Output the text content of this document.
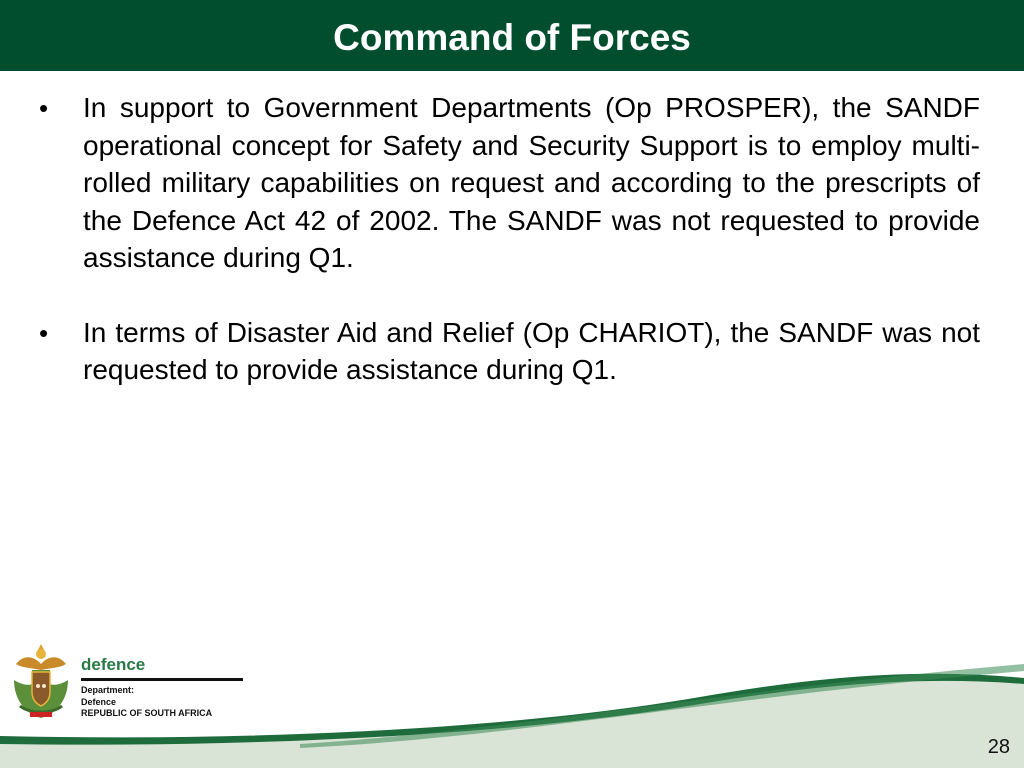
Command of Forces
•	In support to Government Departments (Op PROSPER), the SANDF operational concept for Safety and Security Support is to employ multi-rolled military capabilities on request and according to the prescripts of the Defence Act 42 of 2002. The SANDF was not requested to provide assistance during Q1.

•	In terms of Disaster Aid and Relief (Op CHARIOT), the SANDF was not requested to provide assistance during Q1.

defence
Department:
Defence
REPUBLIC OF SOUTH AFRICA
28
